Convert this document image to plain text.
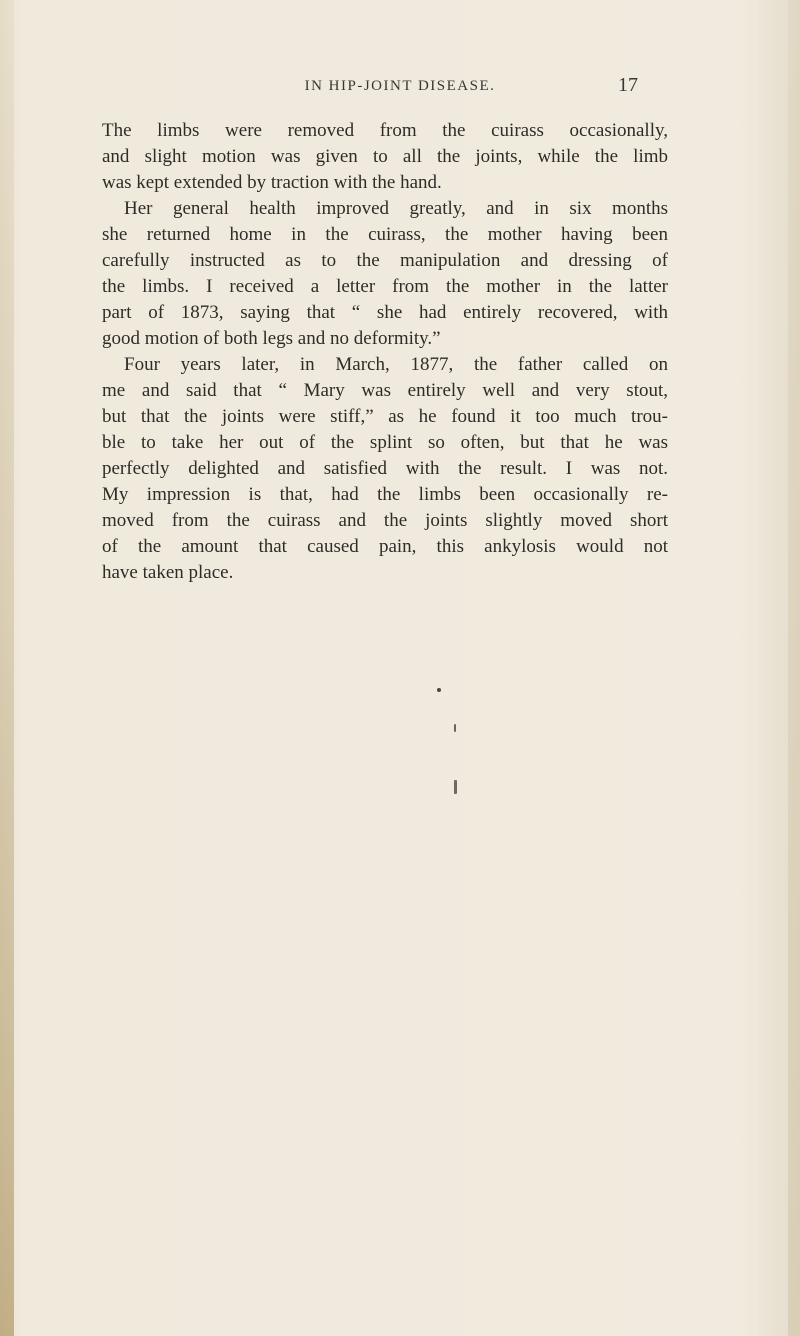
IN HIP-JOINT DISEASE.	17
The limbs were removed from the cuirass occasionally,
and slight motion was given to all the joints, while the limb
was kept extended by traction with the hand.
Her general health improved greatly, and in six months
she returned home in the cuirass, the mother having been
carefully instructed as to the manipulation and dressing of
the limbs. I received a letter from the mother in the latter
part of 1873, saying that “ she had entirely recovered, with
good motion of both legs and no deformity.”
Four years later, in March, 1877, the father called on
me and said that “ Mary was entirely well and very stout,
but that the joints were stiff,” as he found it too much trou-
ble to take her out of the splint so often, but that he was
perfectly delighted and satisfied with the result. I was not.
My impression is that, had the limbs been occasionally re-
moved from the cuirass and the joints slightly moved short
of the amount that caused pain, this ankylosis would not
have taken place.
